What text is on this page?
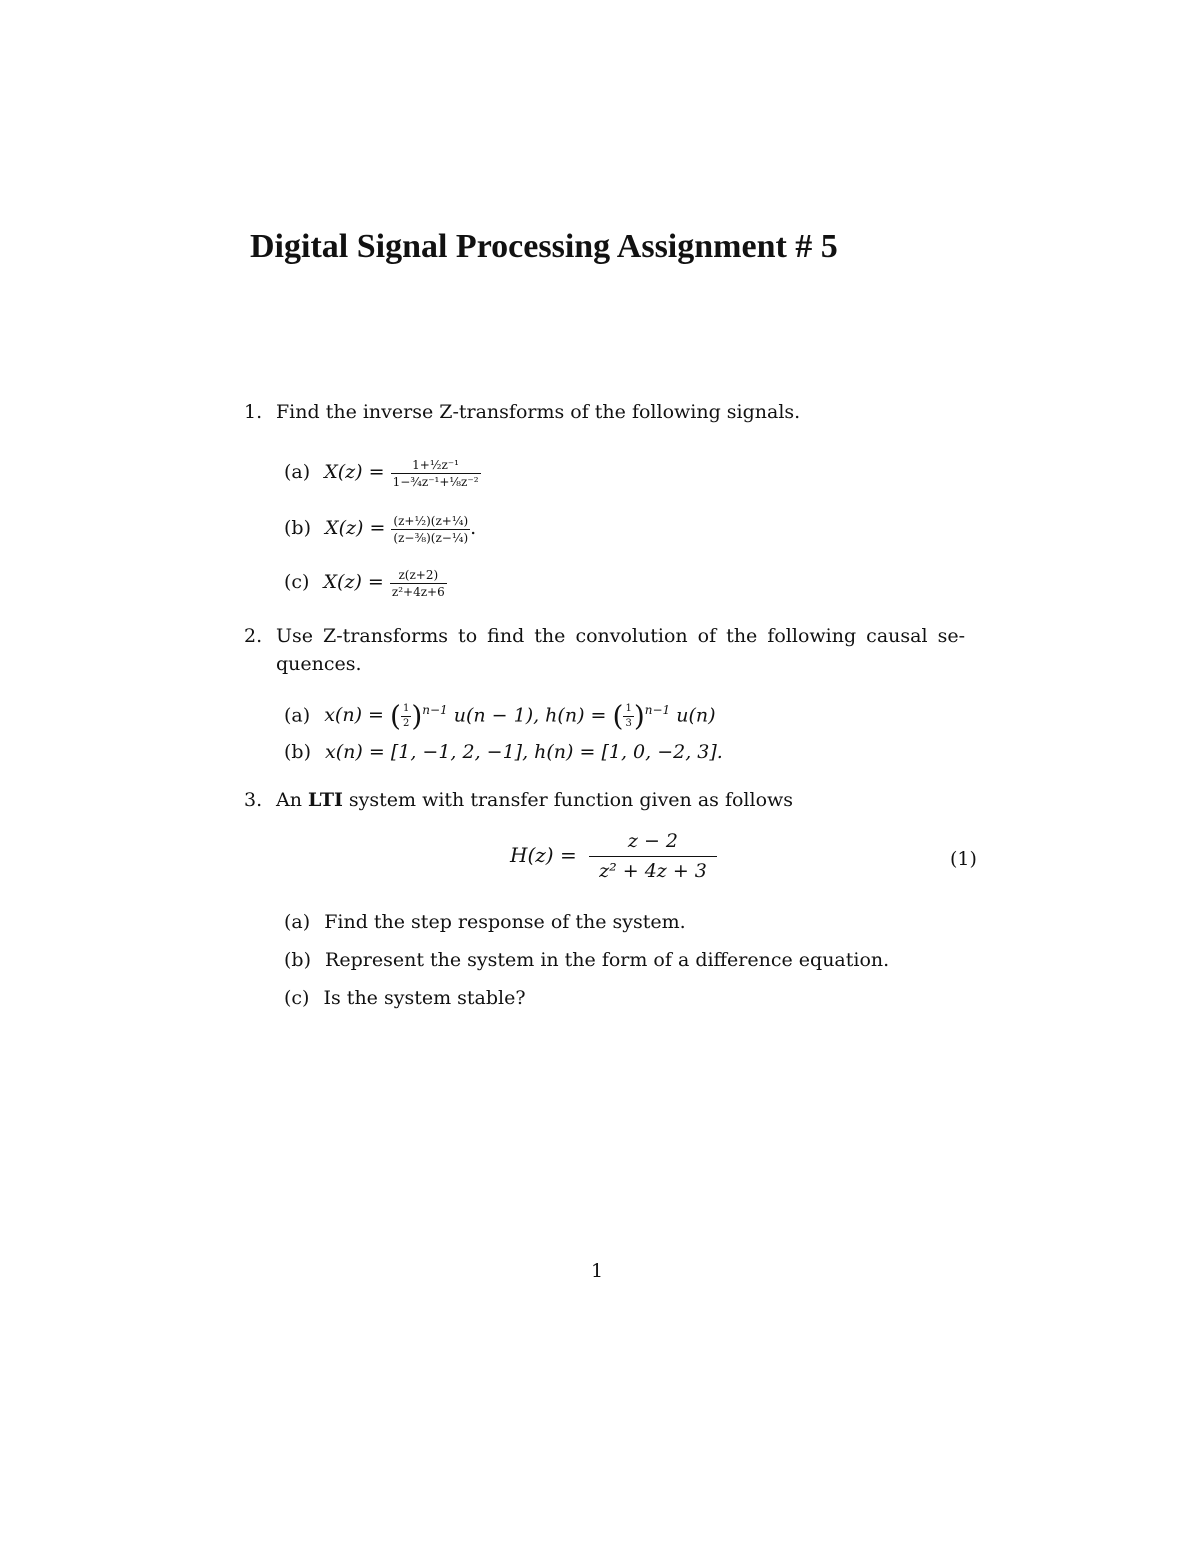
Digital Signal Processing Assignment # 5
1. Find the inverse Z-transforms of the following signals.
(a) $X(z) = \frac{\text{1+½z⁻¹}}{\text{1−¾z⁻¹+⅛z⁻²}}$
(b) $X(z) = \frac{\text{(z+½)(z+¼)}}{\text{(z−⅜)(z−¼)}}$ .
(c) $X(z) = \frac{z(z+2)}{\text{z²+4z+6}}$
2. Use Z-transforms to find the convolution of the following causal se-
quences.
(a) x(n) = ( $\frac{1}{2} )^{n-1}$ u(n − 1), h(n) = ( $\frac{1}{3} )^{n-1}$ u(n)
(b) x(n) = [1, −1, 2, −1], h(n) = [1, 0, −2, 3].
3. An LTI system with transfer function given as follows
$H(z) = \frac{z - 2}{\text{z² + 4z + 3}}$	(1)
(a) Find the step response of the system.
(b) Represent the system in the form of a difference equation.
(c) Is the system stable?
1
